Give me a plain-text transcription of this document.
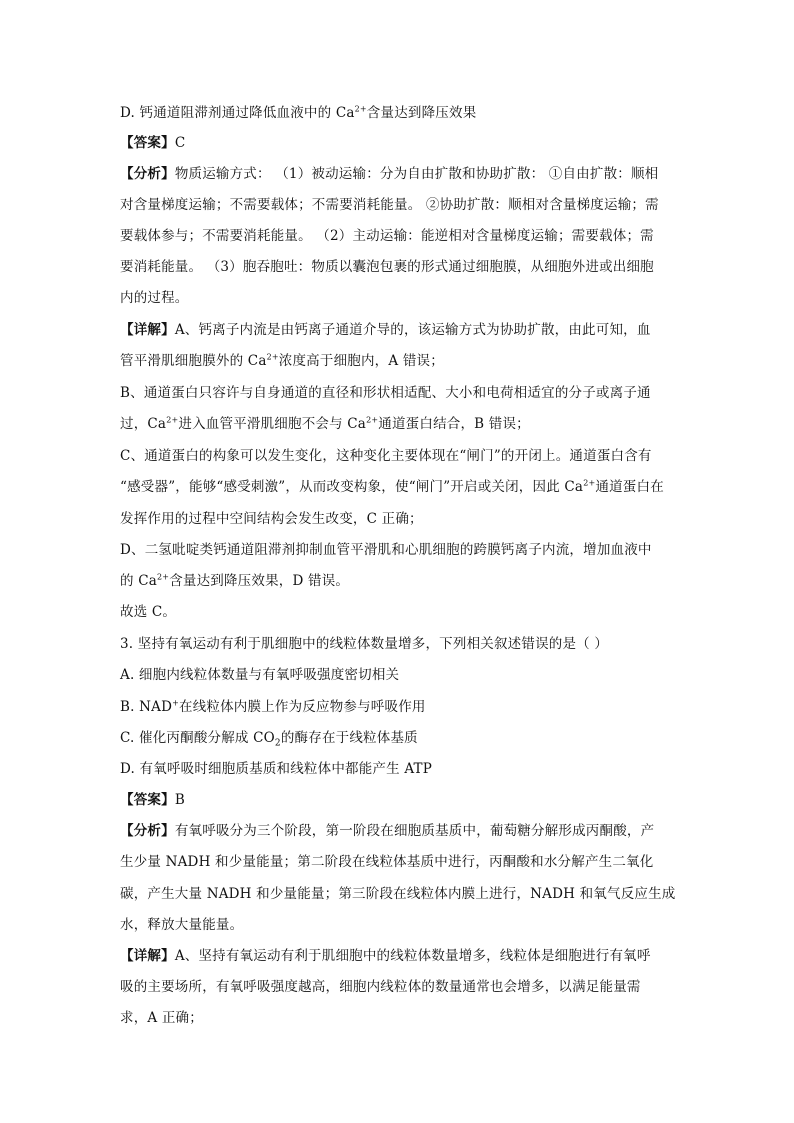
D. 钙通道阻滞剂通过降低血液中的 $Ca^{2+}$含量达到降压效果
【答案】C
【分析】物质运输方式： （1）被动运输：分为自由扩散和协助扩散： ①自由扩散：顺相
对含量梯度运输；不需要载体；不需要消耗能量。 ②协助扩散：顺相对含量梯度运输；需
要载体参与；不需要消耗能量。 （2）主动运输：能逆相对含量梯度运输；需要载体；需
要消耗能量。 （3）胞吞胞吐：物质以囊泡包裹的形式通过细胞膜，从细胞外进或出细胞
内的过程。
【详解】A、钙离子内流是由钙离子通道介导的，该运输方式为协助扩散，由此可知，血
管平滑肌细胞膜外的 $Ca^{2+}$浓度高于细胞内，A 错误；
B、通道蛋白只容许与自身通道的直径和形状相适配、大小和电荷相适宜的分子或离子通
过，$Ca^{2+}$进入血管平滑肌细胞不会与 $Ca^{2+}$通道蛋白结合，B 错误；
C、通道蛋白的构象可以发生变化，这种变化主要体现在“闸门”的开闭上。通道蛋白含有
“感受器”，能够“感受刺激”，从而改变构象，使“闸门”开启或关闭，因此 $Ca^{2+}$通道蛋白在
发挥作用的过程中空间结构会发生改变，C 正确；
D、二氢吡啶类钙通道阻滞剂抑制血管平滑肌和心肌细胞的跨膜钙离子内流，增加血液中
的 $Ca^{2+}$含量达到降压效果，D 错误。
故选 C。
3. 坚持有氧运动有利于肌细胞中的线粒体数量增多，下列相关叙述错误的是（ ）
A. 细胞内线粒体数量与有氧呼吸强度密切相关
B. NAD+在线粒体内膜上作为反应物参与呼吸作用
C. 催化丙酮酸分解成 $CO_2$的酶存在于线粒体基质
D. 有氧呼吸时细胞质基质和线粒体中都能产生 ATP
【答案】B
【分析】有氧呼吸分为三个阶段，第一阶段在细胞质基质中，葡萄糖分解形成丙酮酸，产
生少量 NADH 和少量能量；第二阶段在线粒体基质中进行，丙酮酸和水分解产生二氧化
碳，产生大量 NADH 和少量能量；第三阶段在线粒体内膜上进行，NADH 和氧气反应生成
水，释放大量能量。
【详解】A、坚持有氧运动有利于肌细胞中的线粒体数量增多，线粒体是细胞进行有氧呼
吸的主要场所，有氧呼吸强度越高，细胞内线粒体的数量通常也会增多，以满足能量需
求，A 正确；
